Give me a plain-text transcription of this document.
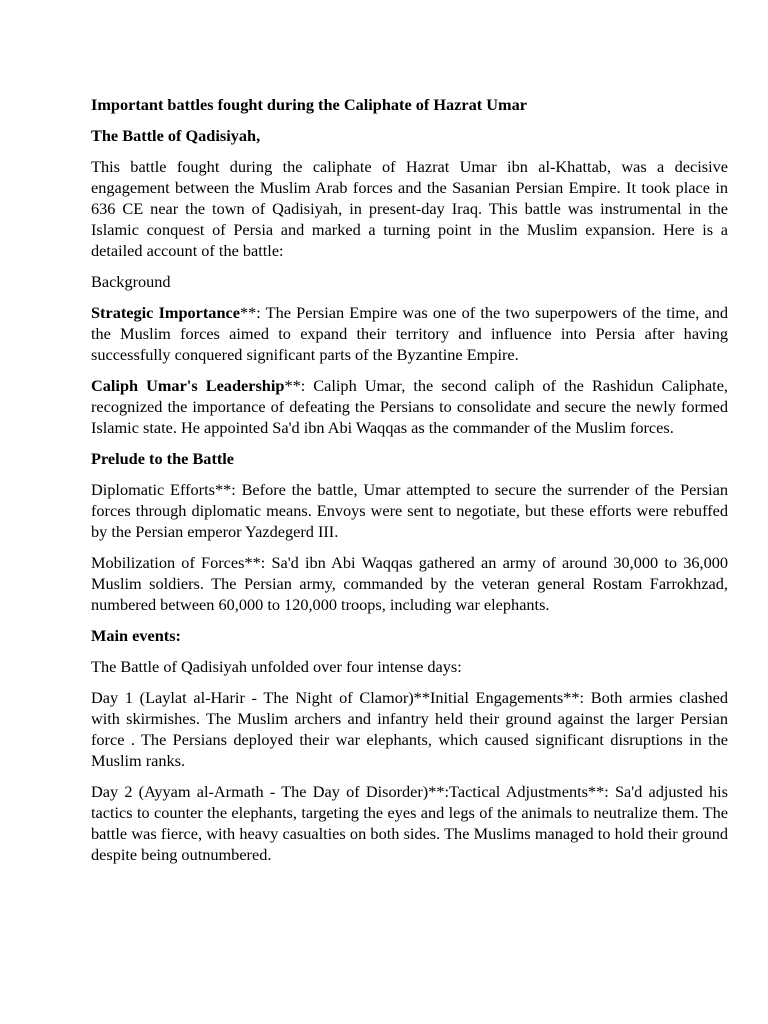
Important battles fought during the Caliphate of Hazrat Umar

The Battle of Qadisiyah,

This battle fought during the caliphate of Hazrat Umar ibn al-Khattab, was a decisive engagement between the Muslim Arab forces and the Sasanian Persian Empire. It took place in 636 CE near the town of Qadisiyah, in present-day Iraq. This battle was instrumental in the Islamic conquest of Persia and marked a turning point in the Muslim expansion. Here is a detailed account of the battle:

Background

Strategic Importance**: The Persian Empire was one of the two superpowers of the time, and the Muslim forces aimed to expand their territory and influence into Persia after having successfully conquered significant parts of the Byzantine Empire.

Caliph Umar's Leadership**: Caliph Umar, the second caliph of the Rashidun Caliphate, recognized the importance of defeating the Persians to consolidate and secure the newly formed Islamic state. He appointed Sa'd ibn Abi Waqqas as the commander of the Muslim forces.

Prelude to the Battle

Diplomatic Efforts**: Before the battle, Umar attempted to secure the surrender of the Persian forces through diplomatic means. Envoys were sent to negotiate, but these efforts were rebuffed by the Persian emperor Yazdegerd III.

Mobilization of Forces**: Sa'd ibn Abi Waqqas gathered an army of around 30,000 to 36,000 Muslim soldiers. The Persian army, commanded by the veteran general Rostam Farrokhzad, numbered between 60,000 to 120,000 troops, including war elephants.

Main events:

The Battle of Qadisiyah unfolded over four intense days:

Day 1 (Laylat al-Harir - The Night of Clamor)**Initial Engagements**: Both armies clashed with skirmishes. The Muslim archers and infantry held their ground against the larger Persian force . The Persians deployed their war elephants, which caused significant disruptions in the Muslim ranks.

Day 2 (Ayyam al-Armath - The Day of Disorder)**:Tactical Adjustments**: Sa'd adjusted his tactics to counter the elephants, targeting the eyes and legs of the animals to neutralize them. The battle was fierce, with heavy casualties on both sides. The Muslims managed to hold their ground despite being outnumbered.
